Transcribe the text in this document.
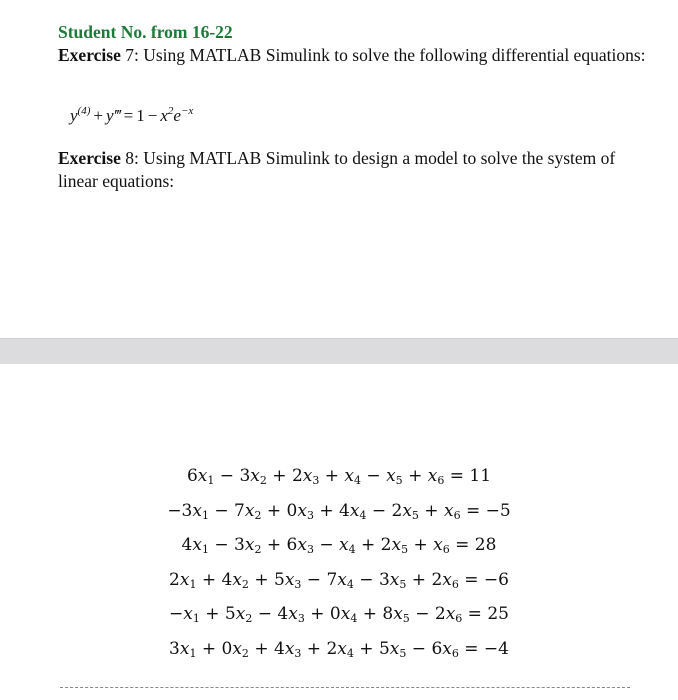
Student No. from 16-22
Exercise 7: Using MATLAB Simulink to solve the following differential equations:
$y^{(4)}$ + y‴ = $1 - x^2e^{-x}$
Exercise 8: Using MATLAB Simulink to design a model to solve the system of linear equations:
$6x_1 - 3x_2 + 2x_3 + x_4 - x_5 + x_6 = 11$
$-3x_1 - 7x_2 + 0x_3 + 4x_4 - 2x_5 + x_6 = -5$
$4x_1 - 3x_2 + 6x_3 - x_4 + 2x_5 + x_6 = 28$
$2x_1 + 4x_2 + 5x_3 - 7x_4 - 3x_5 + 2x_6 = -6$
$-x_1 + 5x_2 - 4x_3 + 0x_4 + 8x_5 - 2x_6 = 25$
$3x_1 + 0x_2 + 4x_3 + 2x_4 + 5x_5 - 6x_6 = -4$
